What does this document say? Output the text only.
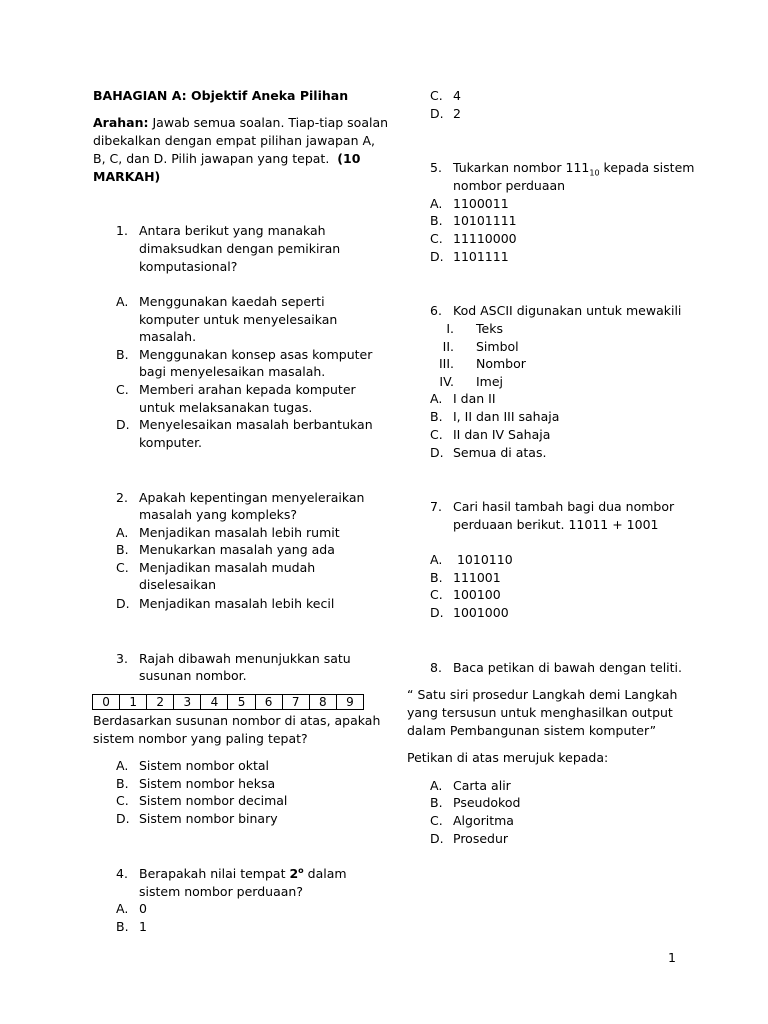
BAHAGIAN A: Objektif Aneka Pilihan
Arahan: Jawab semua soalan. Tiap-tiap soalan
dibekalkan dengan empat pilihan jawapan A,
B, C, dan D. Pilih jawapan yang tepat. (10
MARKAH)
1. Antara berikut yang manakah
dimaksudkan dengan pemikiran
komputasional?
A. Menggunakan kaedah seperti
komputer untuk menyelesaikan
masalah.
B. Menggunakan konsep asas komputer
bagi menyelesaikan masalah.
C. Memberi arahan kepada komputer
untuk melaksanakan tugas.
D. Menyelesaikan masalah berbantukan
komputer.
2. Apakah kepentingan menyeleraikan
masalah yang kompleks?
A. Menjadikan masalah lebih rumit
B. Menukarkan masalah yang ada
C. Menjadikan masalah mudah
diselesaikan
D. Menjadikan masalah lebih kecil
3. Rajah dibawah menunjukkan satu
susunan nombor.
0	1	2	3	4	5	6	7	8	9
Berdasarkan susunan nombor di atas, apakah
sistem nombor yang paling tepat?
A. Sistem nombor oktal
B. Sistem nombor heksa
C. Sistem nombor decimal
D. Sistem nombor binary
4. Berapakah nilai tempat 2$^o$ dalam
sistem nombor perduaan?
A. 0
B. 1
C. 4
D. 2
5. Tukarkan nombor $111_{10}$ kepada sistem
nombor perduaan
A. 1100011
B. 10101111
C. 11110000
D. 1101111
6. Kod ASCII digunakan untuk mewakili
I. Teks
II. Simbol
III. Nombor
IV. Imej
A. I dan II
B. I, II dan III sahaja
C. II dan IV Sahaja
D. Semua di atas.
7. Cari hasil tambah bagi dua nombor
perduaan berikut. 11011 + 1001
A. 1010110
B. 111001
C. 100100
D. 1001000
8. Baca petikan di bawah dengan teliti.
“ Satu siri prosedur Langkah demi Langkah
yang tersusun untuk menghasilkan output
dalam Pembangunan sistem komputer”
Petikan di atas merujuk kepada:
A. Carta alir
B. Pseudokod
C. Algoritma
D. Prosedur
1
